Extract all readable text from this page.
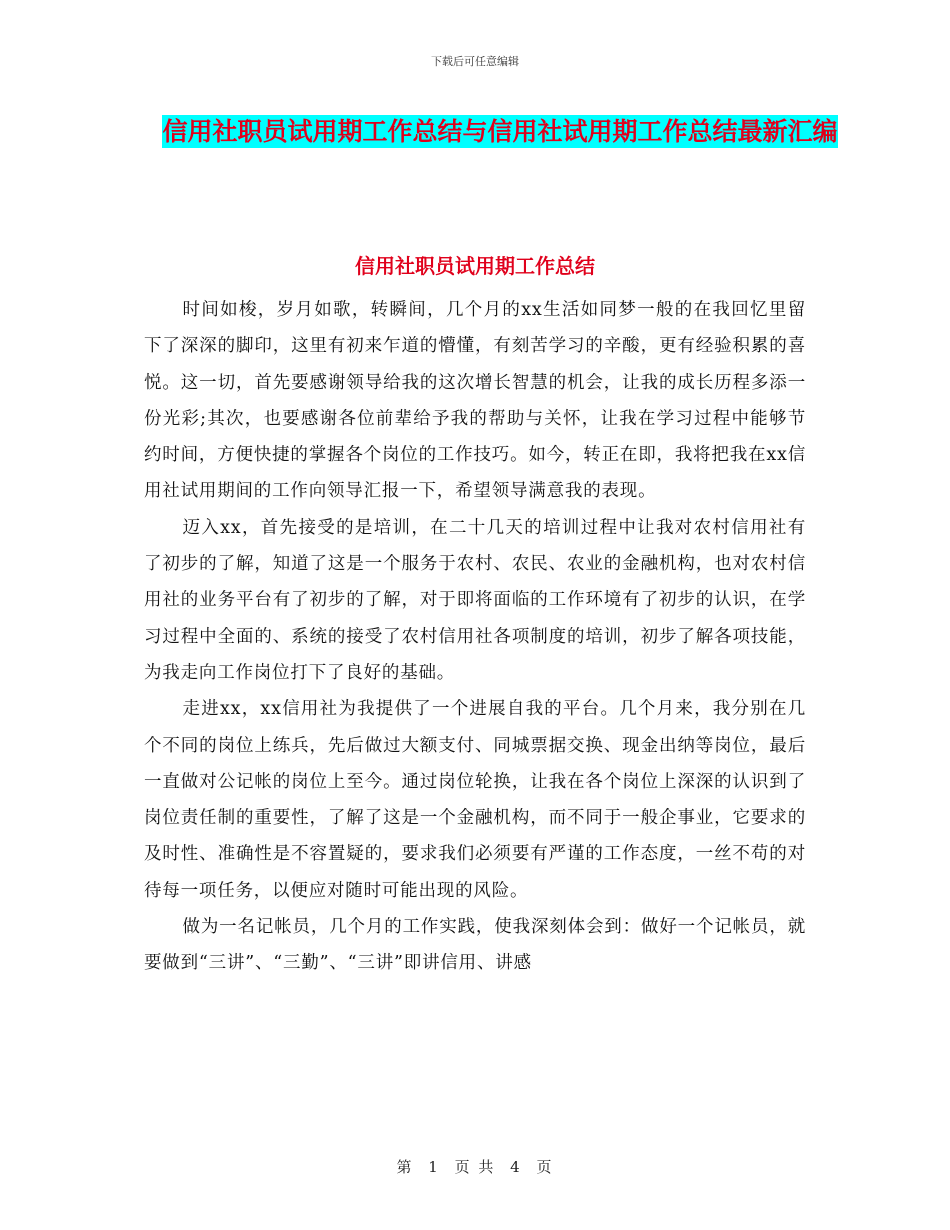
下载后可任意编辑
信用社职员试用期工作总结与信用社试用期工作总结最新汇编
信用社职员试用期工作总结

时间如梭，岁月如歌，转瞬间，几个月的xx生活如同梦一般的在我回忆里留下了深深的脚印，这里有初来乍道的懵懂，有刻苦学习的辛酸，更有经验积累的喜悦。这一切，首先要感谢领导给我的这次增长智慧的机会，让我的成长历程多添一份光彩;其次，也要感谢各位前辈给予我的帮助与关怀，让我在学习过程中能够节约时间，方便快捷的掌握各个岗位的工作技巧。如今，转正在即，我将把我在xx信用社试用期间的工作向领导汇报一下，希望领导满意我的表现。

迈入xx，首先接受的是培训，在二十几天的培训过程中让我对农村信用社有了初步的了解，知道了这是一个服务于农村、农民、农业的金融机构，也对农村信用社的业务平台有了初步的了解，对于即将面临的工作环境有了初步的认识，在学习过程中全面的、系统的接受了农村信用社各项制度的培训，初步了解各项技能，为我走向工作岗位打下了良好的基础。

走进xx，xx信用社为我提供了一个进展自我的平台。几个月来，我分别在几个不同的岗位上练兵，先后做过大额支付、同城票据交换、现金出纳等岗位，最后一直做对公记帐的岗位上至今。通过岗位轮换，让我在各个岗位上深深的认识到了岗位责任制的重要性，了解了这是一个金融机构，而不同于一般企事业，它要求的及时性、准确性是不容置疑的，要求我们必须要有严谨的工作态度，一丝不苟的对待每一项任务，以便应对随时可能出现的风险。

做为一名记帐员，几个月的工作实践，使我深刻体会到：做好一个记帐员，就要做到“三讲”、“三勤”、“三讲”即讲信用、讲感

第 1 页 共 4 页
